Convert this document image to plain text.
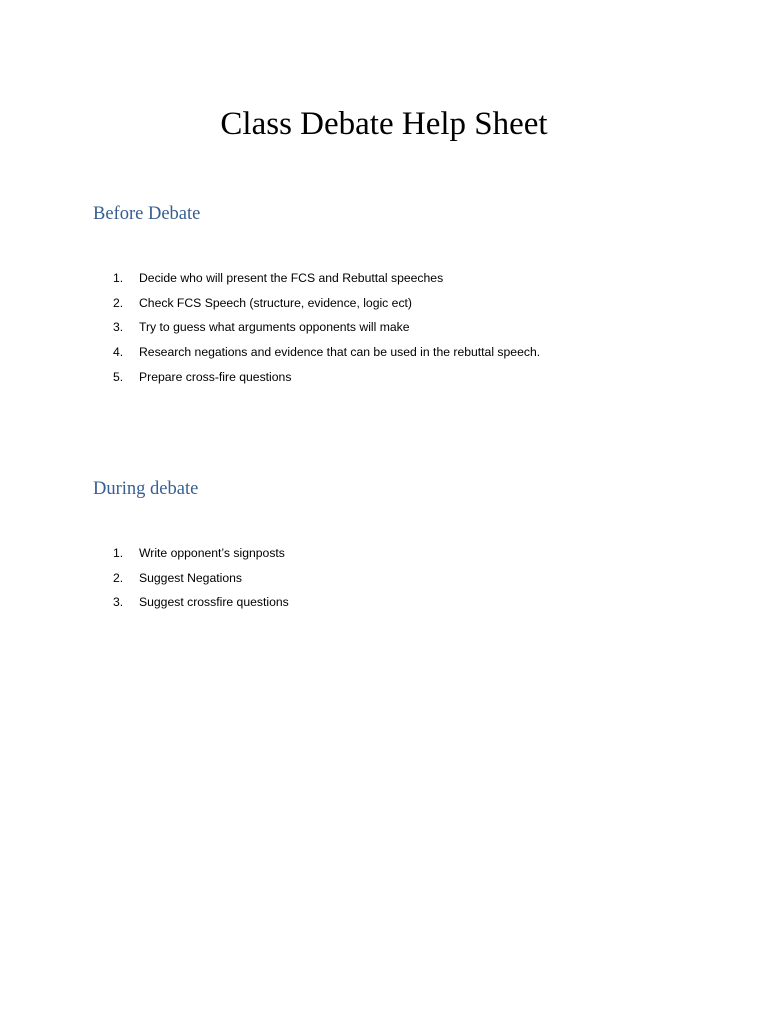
Class Debate Help Sheet
Before Debate
1. Decide who will present the FCS and Rebuttal speeches
2. Check FCS Speech (structure, evidence, logic ect)
3. Try to guess what arguments opponents will make
4. Research negations and evidence that can be used in the rebuttal speech.
5. Prepare cross-fire questions
During debate
1. Write opponent’s signposts
2. Suggest Negations
3. Suggest crossfire questions
